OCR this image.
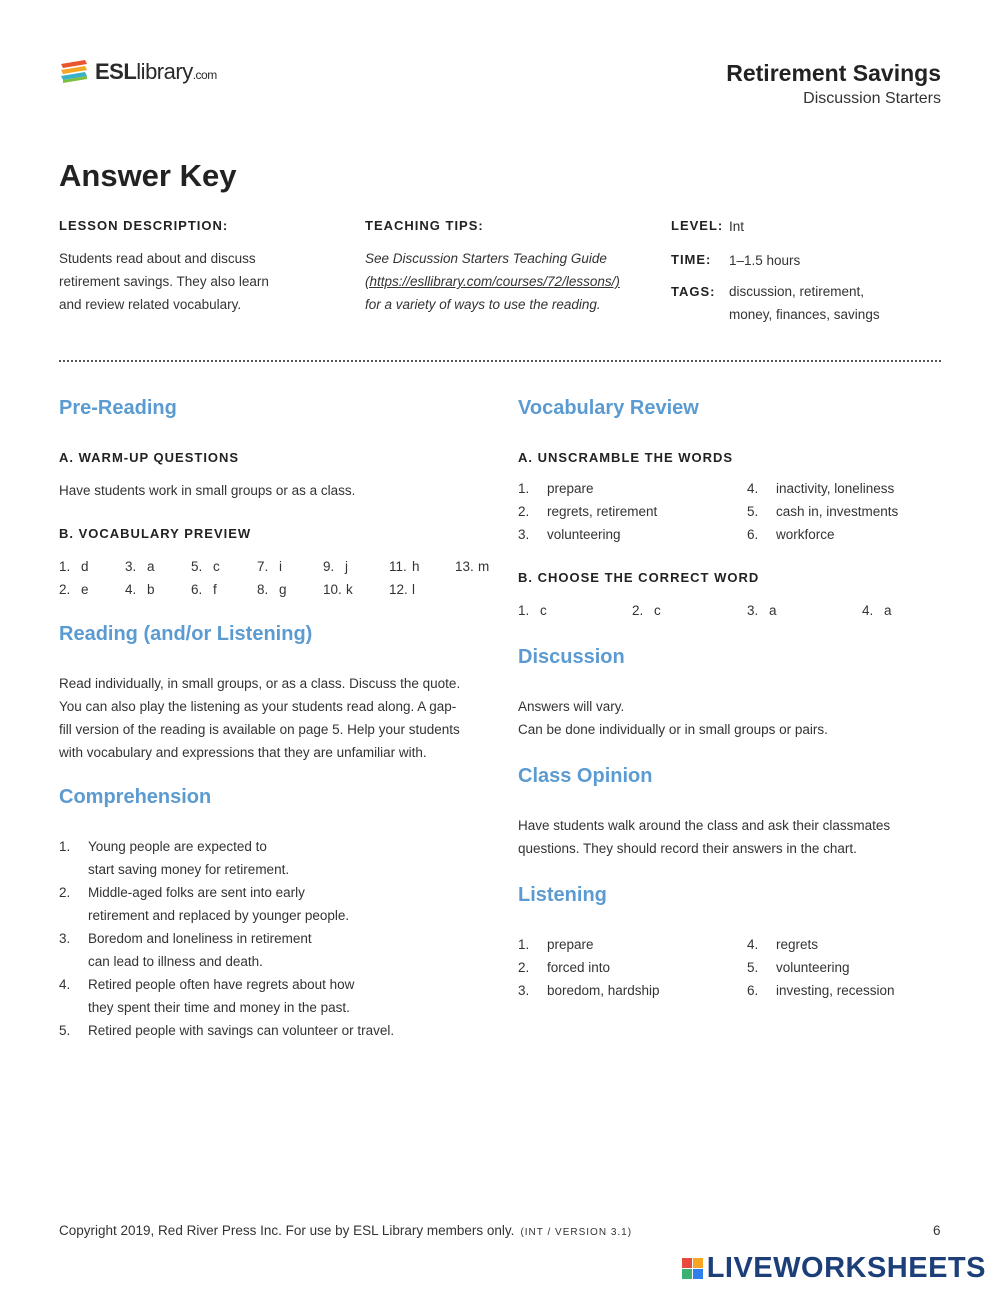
ESLlibrary.com	Retirement Savings
Discussion Starters
Answer Key
LESSON DESCRIPTION:
Students read about and discuss
retirement savings. They also learn
and review related vocabulary.
TEACHING TIPS:
See Discussion Starters Teaching Guide
(https://esllibrary.com/courses/72/lessons/)
for a variety of ways to use the reading.
LEVEL: Int
TIME:	1–1.5 hours
TAGS:	discussion, retirement,
money, finances, savings
Pre-Reading
A. WARM-UP QUESTIONS
Have students work in small groups or as a class.
B. VOCABULARY PREVIEW
1. d	3. a	5. c	7. i	9. j	11. h	13. m
2. e	4. b	6. f	8. g	10. k	12. l
Reading (and/or Listening)
Read individually, in small groups, or as a class. Discuss the quote.
You can also play the listening as your students read along. A gap-
fill version of the reading is available on page 5. Help your students
with vocabulary and expressions that they are unfamiliar with.
Comprehension
1. Young people are expected to
start saving money for retirement.
2. Middle-aged folks are sent into early
retirement and replaced by younger people.
3. Boredom and loneliness in retirement
can lead to illness and death.
4. Retired people often have regrets about how
they spent their time and money in the past.
5. Retired people with savings can volunteer or travel.
Vocabulary Review
A. UNSCRAMBLE THE WORDS
1. prepare	4. inactivity, loneliness
2. regrets, retirement	5. cash in, investments
3. volunteering	6. workforce
B. CHOOSE THE CORRECT WORD
1. c	2. c	3. a	4. a
Discussion
Answers will vary.
Can be done individually or in small groups or pairs.
Class Opinion
Have students walk around the class and ask their classmates
questions. They should record their answers in the chart.
Listening
1. prepare	4. regrets
2. forced into	5. volunteering
3. boredom, hardship	6. investing, recession
Copyright 2019, Red River Press Inc. For use by ESL Library members only. (INT / VERSION 3.1)	6
LIVEWORKSHEETS
